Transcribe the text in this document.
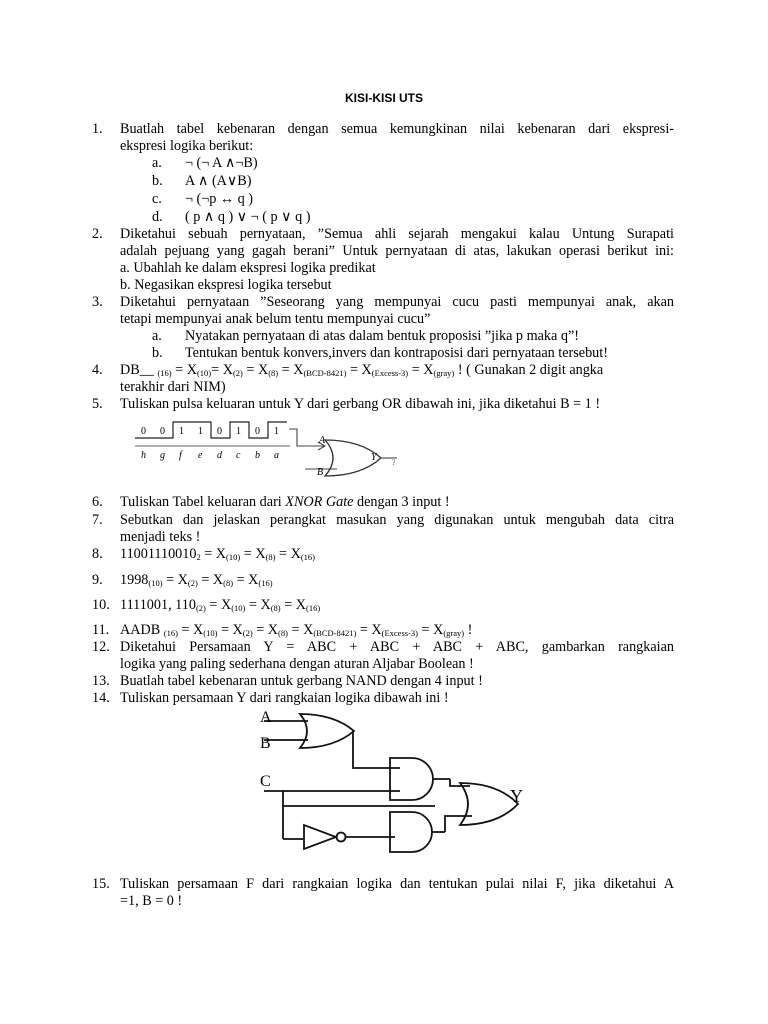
KISI-KISI UTS
1. Buatlah tabel kebenaran dengan semua kemungkinan nilai kebenaran dari ekspresi-
ekspresi logika berikut:
a. ¬ (¬ A ∧¬B)
b. A ∧ (A∨B)
c. ¬ (¬p ↔ q )
d. ( p ∧ q ) ∨ ¬ ( p ∨ q )
2. Diketahui sebuah pernyataan, ”Semua ahli sejarah mengakui kalau Untung Surapati
adalah pejuang yang gagah berani” Untuk pernyataan di atas, lakukan operasi berikut ini:
a. Ubahlah ke dalam ekspresi logika predikat
b. Negasikan ekspresi logika tersebut
3. Diketahui pernyataan ”Seseorang yang mempunyai cucu pasti mempunyai anak, akan
tetapi mempunyai anak belum tentu mempunyai cucu”
a. Nyatakan pernyataan di atas dalam bentuk proposisi ”jika p maka q”!
b. Tentukan bentuk konvers,invers dan kontraposisi dari pernyataan tersebut!
4. DB__ $_{(16)} = X_{(10)}= X_{(2)} = X_{(8)} = X_{(BCD-8421)} = X_{(Excess-3)} = X_{(gray)}$ ! ( Gunakan 2 digit angka
terakhir dari NIM)
5. Tuliskan pulsa keluaran untuk Y dari gerbang OR dibawah ini, jika diketahui B = 1 !
0 0 1 1 0 1 0 1
h g f e d c b a
A
B
Y ?
6. Tuliskan Tabel keluaran dari XNOR Gate dengan 3 input !
7. Sebutkan dan jelaskan perangkat masukan yang digunakan untuk mengubah data citra
menjadi teks !
8. $11001110010_2 = X_{(10)} = X_{(8)} = X_{(16)}$
9. $1998_{(10)} = X_{(2)} = X_{(8)} = X_{(16)}$
10. 1111001, $110_{(2)} = X_{(10)} = X_{(8)} = X_{(16)}$
11. AADB $_{(16)} = X_{(10)} = X_{(2)} = X_{(8)} = X_{(BCD-8421)} = X_{(Excess-3)} = X_{(gray)}$ !
12. Diketahui Persamaan Y = ABC + ABC + ABC + ABC, gambarkan rangkaian
logika yang paling sederhana dengan aturan Aljabar Boolean !
13. Buatlah tabel kebenaran untuk gerbang NAND dengan 4 input !
14. Tuliskan persamaan Y dari rangkaian logika dibawah ini !
A
B
C
Y
15. Tuliskan persamaan F dari rangkaian logika dan tentukan pulai nilai F, jika diketahui A
=1, B = 0 !
